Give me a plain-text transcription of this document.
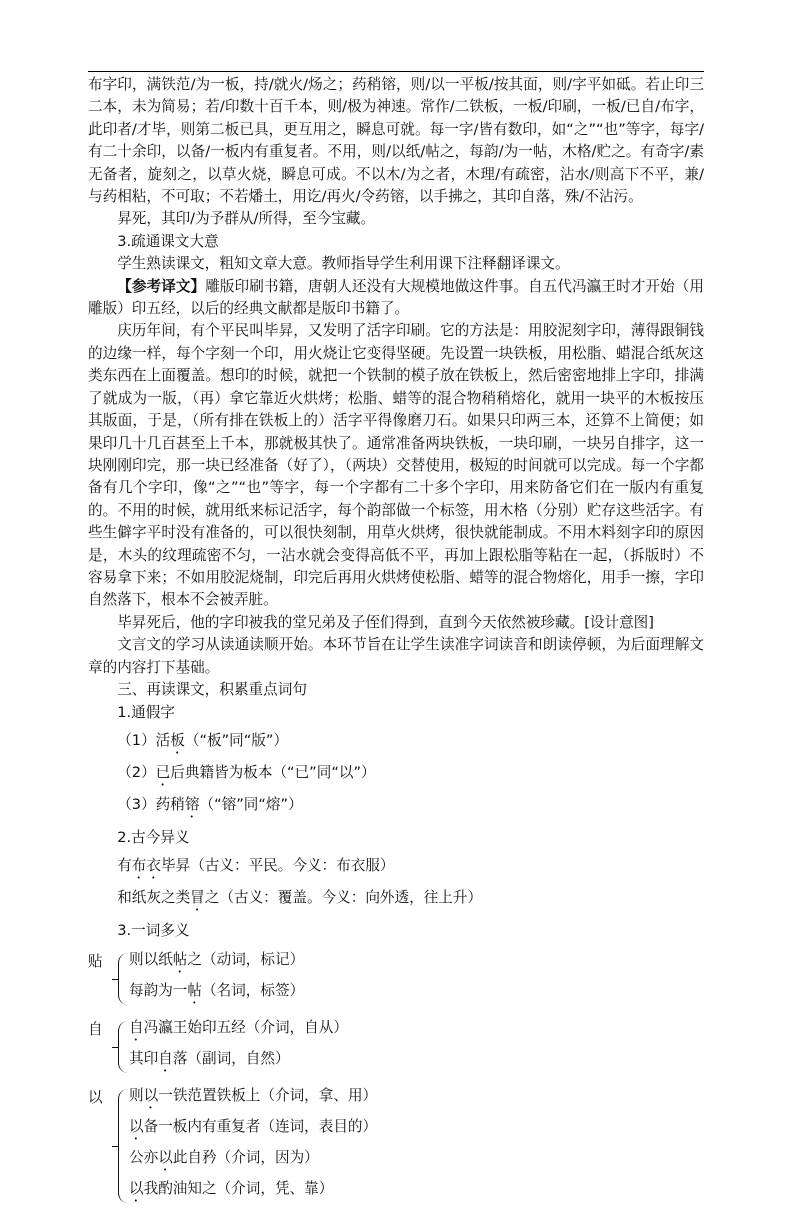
布字印，满铁范/为一板，持/就火/炀之；药稍镕，则/以一平板/按其面，则/字平如砥。若止印三二本，未为简易；若/印数十百千本，则/极为神速。常作/二铁板，一板/印刷，一板/已自/布字，此印者/才毕，则第二板已具，更互用之，瞬息可就。每一字/皆有数印，如“之”“也”等字，每字/有二十余印，以备/一板内有重复者。不用，则/以纸/帖之，每韵/为一帖，木格/贮之。有奇字/素无备者，旋刻之，以草火烧，瞬息可成。不以木/为之者，木理/有疏密，沾水/则高下不平，兼/与药相粘，不可取；不若燔土，用讫/再火/令药镕，以手拂之，其印自落，殊/不沾污。

昇死，其印/为予群从/所得，至今宝藏。

3.疏通课文大意

学生熟读课文，粗知文章大意。教师指导学生利用课下注释翻译课文。

【参考译文】雕版印刷书籍，唐朝人还没有大规模地做这件事。自五代冯瀛王时才开始（用雕版）印五经，以后的经典文献都是版印书籍了。

庆历年间，有个平民叫毕昇，又发明了活字印刷。它的方法是：用胶泥刻字印，薄得跟铜钱的边缘一样，每个字刻一个印，用火烧让它变得坚硬。先设置一块铁板，用松脂、蜡混合纸灰这类东西在上面覆盖。想印的时候，就把一个铁制的模子放在铁板上，然后密密地排上字印，排满了就成为一版，（再）拿它靠近火烘烤；松脂、蜡等的混合物稍稍熔化，就用一块平的木板按压其版面，于是，（所有排在铁板上的）活字平得像磨刀石。如果只印两三本，还算不上简便；如果印几十几百甚至上千本，那就极其快了。通常准备两块铁板，一块印刷，一块另自排字，这一块刚刚印完，那一块已经准备（好了），（两块）交替使用，极短的时间就可以完成。每一个字都备有几个字印，像“之”“也”等字，每一个字都有二十多个字印，用来防备它们在一版内有重复的。不用的时候，就用纸来标记活字，每个韵部做一个标签，用木格（分别）贮存这些活字。有些生僻字平时没有准备的，可以很快刻制，用草火烘烤，很快就能制成。不用木料刻字印的原因是，木头的纹理疏密不匀，一沾水就会变得高低不平，再加上跟松脂等粘在一起，（拆版时）不容易拿下来；不如用胶泥烧制，印完后再用火烘烤使松脂、蜡等的混合物熔化，用手一擦，字印自然落下，根本不会被弄脏。

毕昇死后，他的字印被我的堂兄弟及子侄们得到，直到今天依然被珍藏。[设计意图]

文言文的学习从读通读顺开始。本环节旨在让学生读准字词读音和朗读停顿，为后面理解文章的内容打下基础。

三、再读课文，积累重点词句

1.通假字

（1）活板（“板”同“版”）

（2）已后典籍皆为板本（“已”同“以”）

（3）药稍镕（“镕”同“熔”）

2.古今异义

有布衣毕昇（古义：平民。今义：布衣服）

和纸灰之类冒之（古义：覆盖。今义：向外透，往上升）

3.一词多义

贴	则以纸帖之（动词，标记）

每韵为一帖（名词，标签）

自	自冯瀛王始印五经（介词，自从）

其印自落（副词，自然）

以	则以一铁范置铁板上（介词，拿、用）

以备一板内有重复者（连词，表目的）

公亦以此自矜（介词，因为）

以我酌油知之（介词，凭、靠）
